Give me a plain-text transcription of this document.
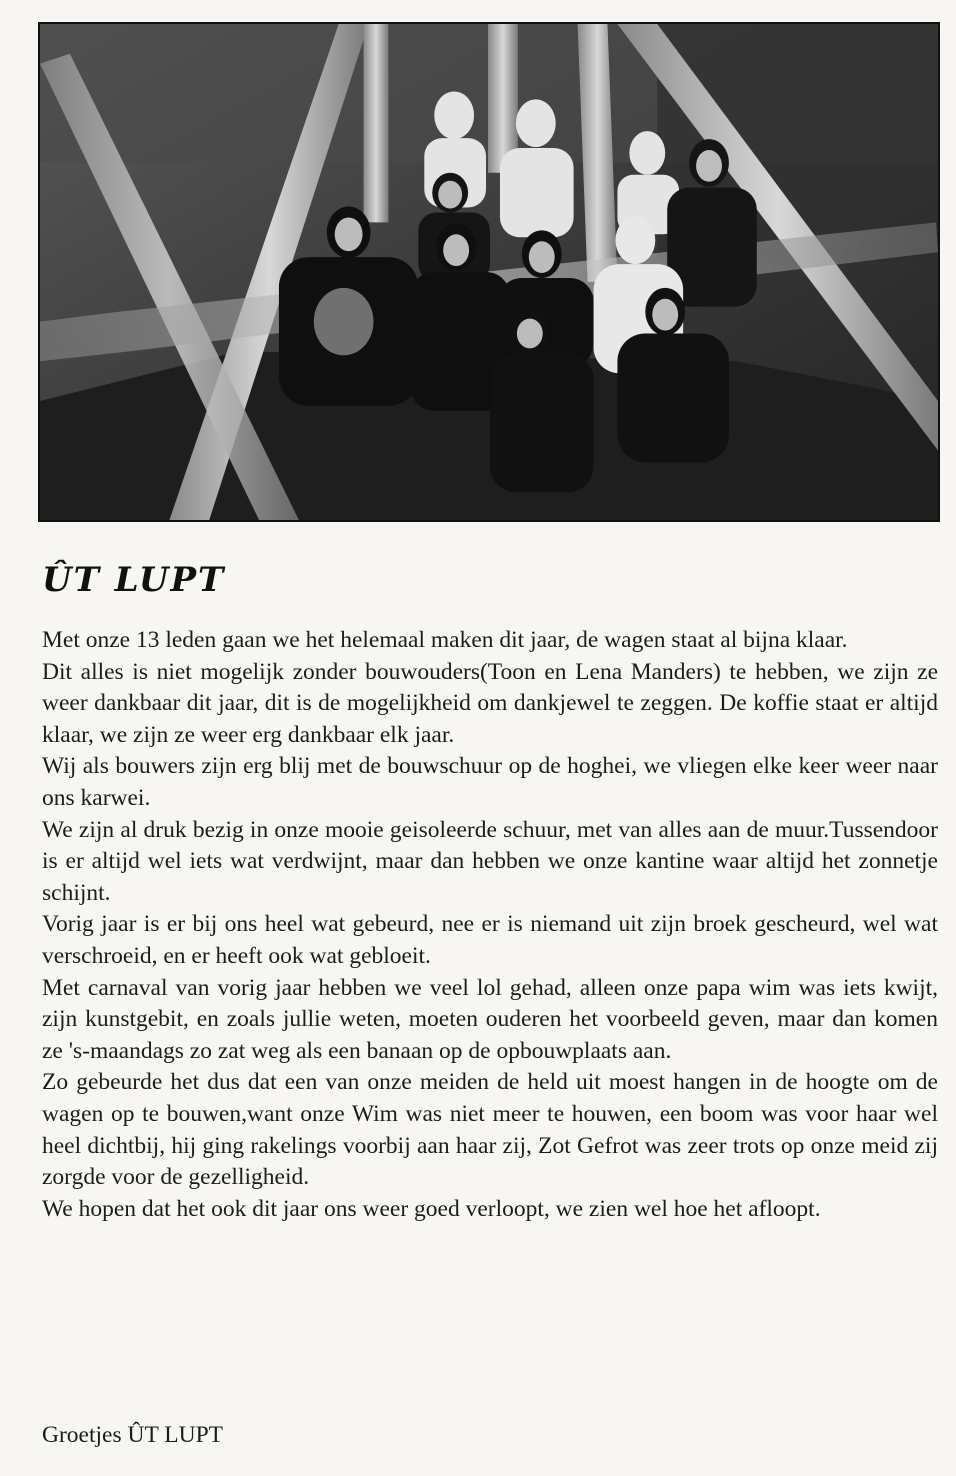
ÛT LUPT

Met onze 13 leden gaan we het helemaal maken dit jaar, de wagen staat al bijna klaar.

Dit alles is niet mogelijk zonder bouwouders(Toon en Lena Manders) te hebben, we zijn ze weer dankbaar dit jaar, dit is de mogelijkheid om dankjewel te zeggen. De koffie staat er altijd klaar, we zijn ze weer erg dankbaar elk jaar.

Wij als bouwers zijn erg blij met de bouwschuur op de hoghei, we vliegen elke keer weer naar ons karwei.

We zijn al druk bezig in onze mooie geisoleerde schuur, met van alles aan de muur.Tussendoor is er altijd wel iets wat verdwijnt, maar dan hebben we onze kantine waar altijd het zonnetje schijnt.

Vorig jaar is er bij ons heel wat gebeurd, nee er is niemand uit zijn broek gescheurd, wel wat verschroeid, en er heeft ook wat gebloeit.

Met carnaval van vorig jaar hebben we veel lol gehad, alleen onze papa wim was iets kwijt, zijn kunstgebit, en zoals jullie weten, moeten ouderen het voorbeeld geven, maar dan komen ze 's-maandags zo zat weg als een banaan op de opbouwplaats aan.

Zo gebeurde het dus dat een van onze meiden de held uit moest hangen in de hoogte om de wagen op te bouwen,want onze Wim was niet meer te houwen, een boom was voor haar wel heel dichtbij, hij ging rakelings voorbij aan haar zij, Zot Gefrot was zeer trots op onze meid zij zorgde voor de gezelligheid.

We hopen dat het ook dit jaar ons weer goed verloopt, we zien wel hoe het afloopt.

Groetjes ÛT LUPT
